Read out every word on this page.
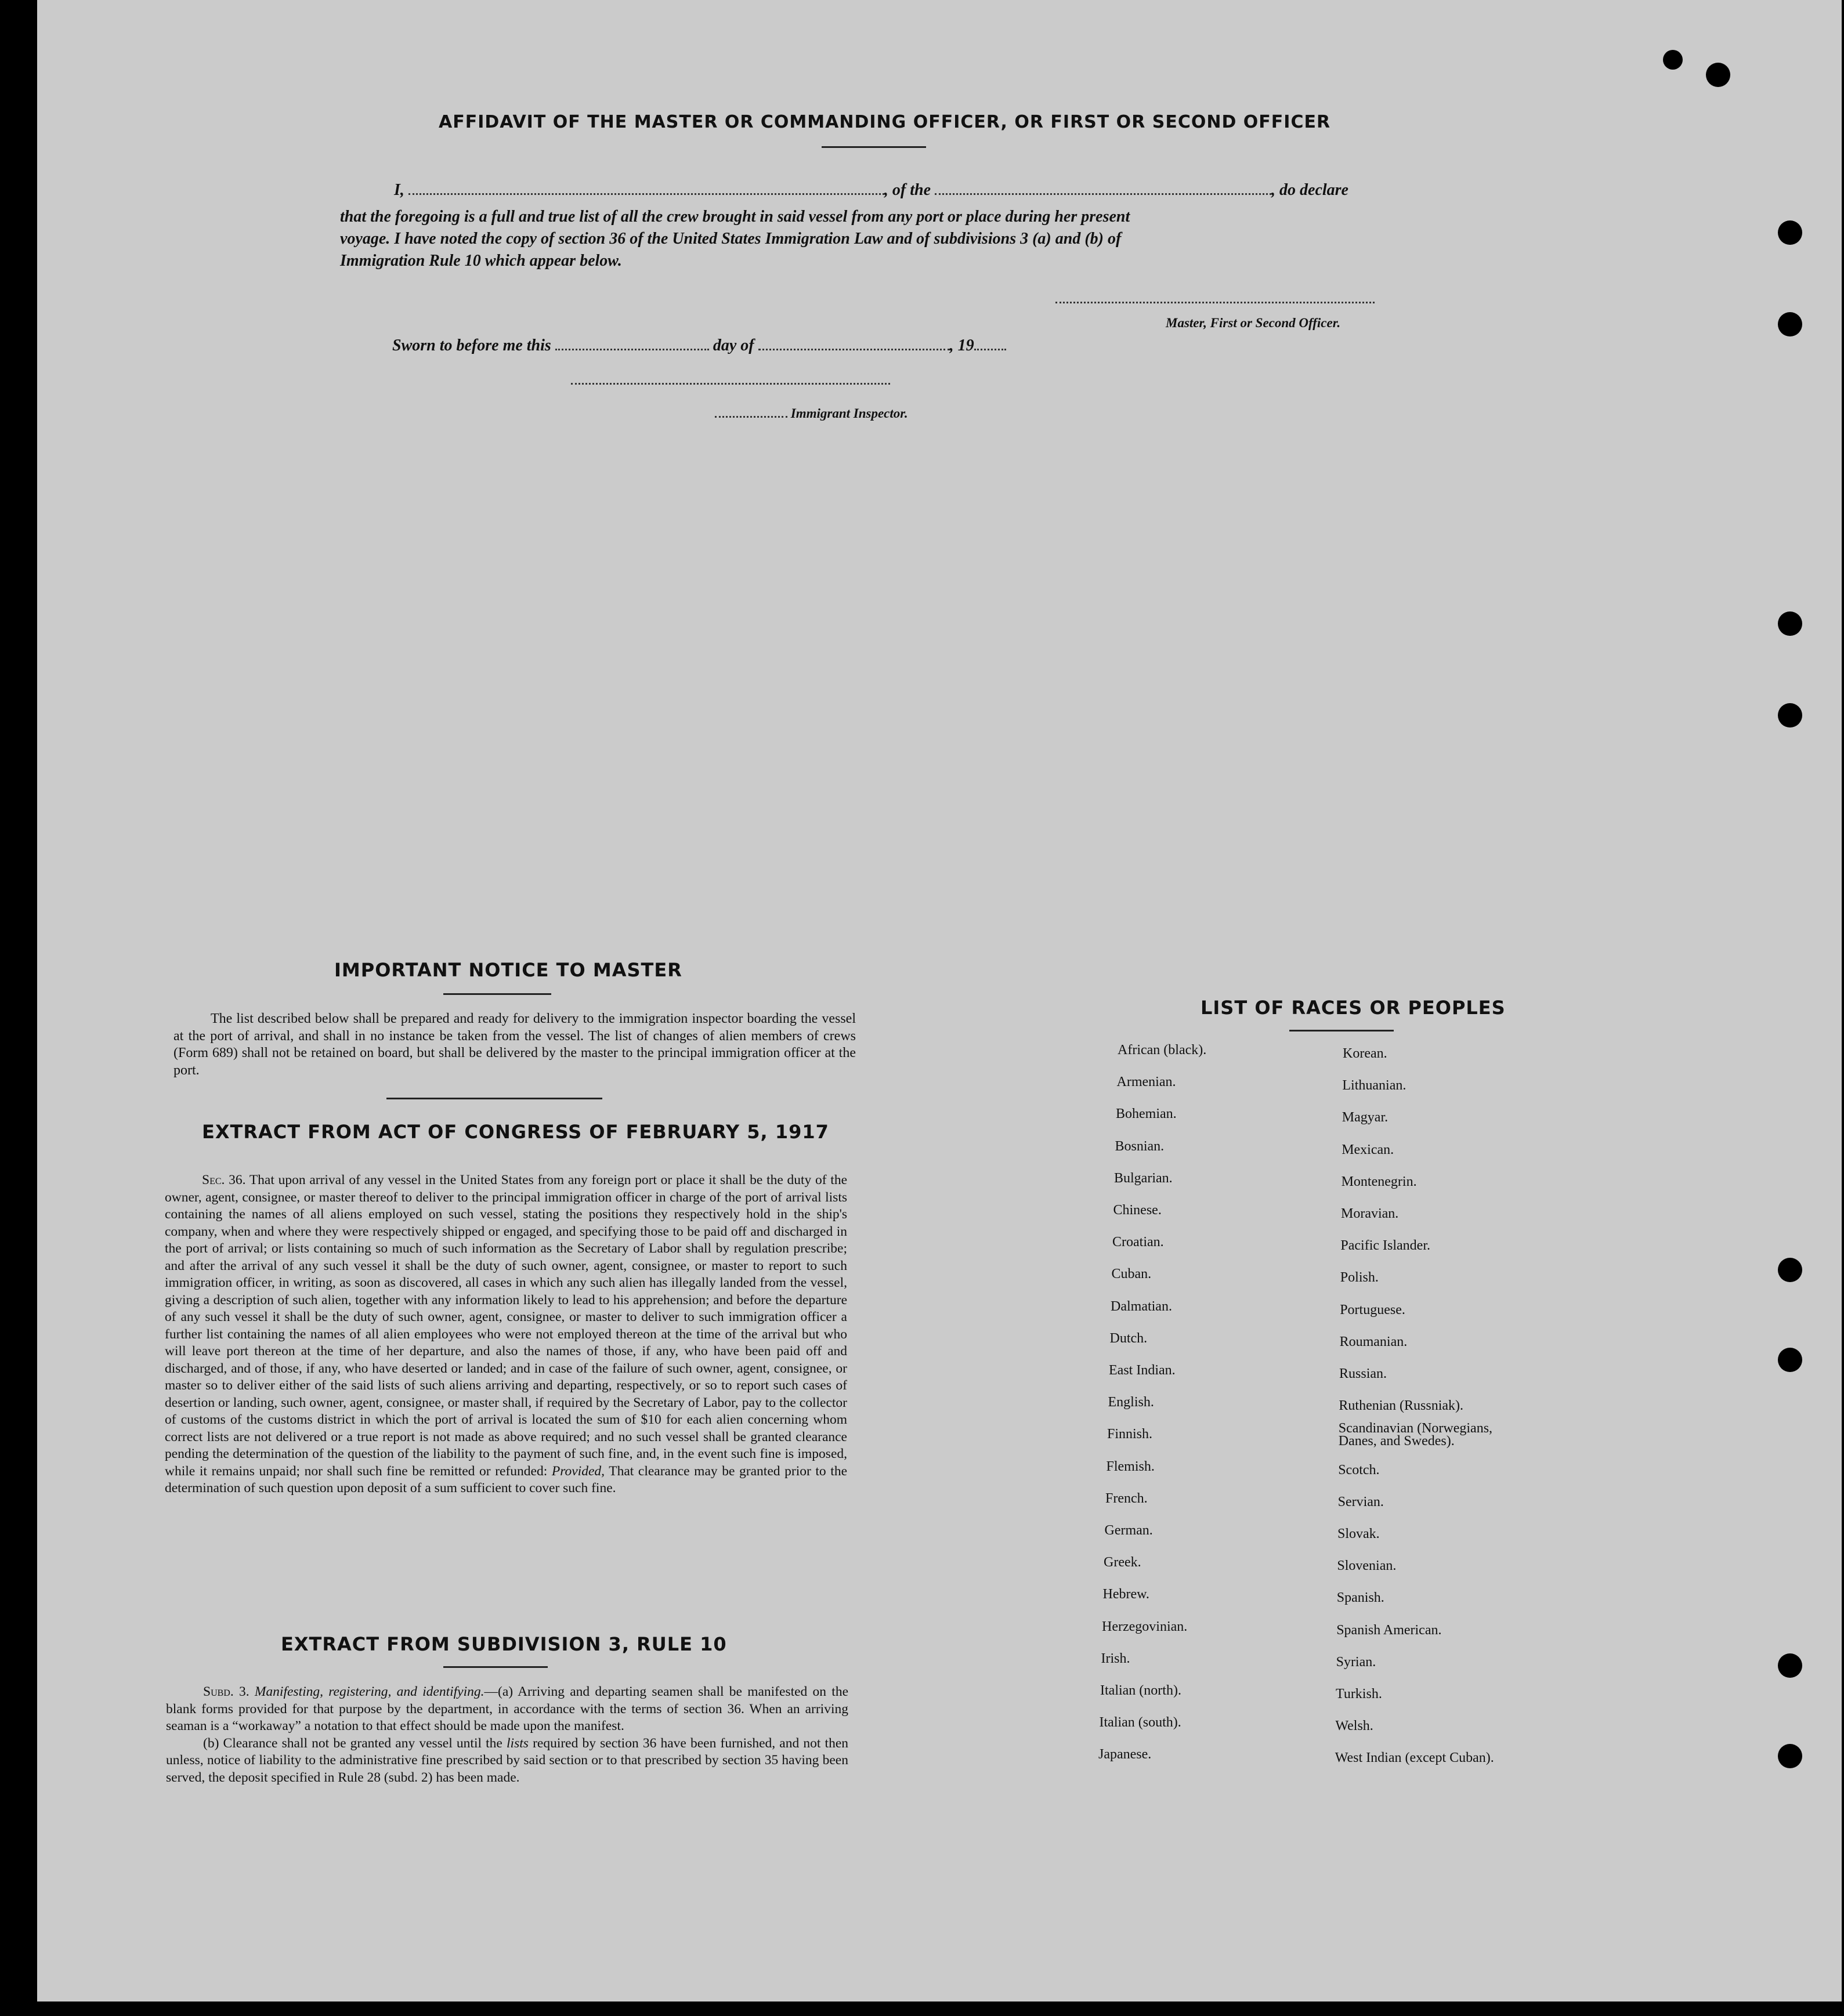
AFFIDAVIT OF THE MASTER OR COMMANDING OFFICER, OR FIRST OR SECOND OFFICER
I,	, of the	, do declare
that the foregoing is a full and true list of all the crew brought in said vessel from any port or place during her present
voyage. I have noted the copy of section 36 of the United States Immigration Law and of subdivisions 3 (a) and (b) of
Immigration Rule 10 which appear below.
Master, First or Second Officer.
Sworn to before me this	day of	, 19
Immigrant Inspector.
IMPORTANT NOTICE TO MASTER

The list described below shall be prepared and ready for delivery to the immigration inspector boarding the vessel at the port of arrival, and shall in no instance be taken from the vessel. The list of changes of alien members of crews (Form 689) shall not be retained on board, but shall be delivered by the master to the principal immigration officer at the port.

EXTRACT FROM ACT OF CONGRESS OF FEBRUARY 5, 1917

Sec. 36. That upon arrival of any vessel in the United States from any foreign port or place it shall be the duty of the owner, agent, consignee, or master thereof to deliver to the principal immigration officer in charge of the port of arrival lists containing the names of all aliens employed on such vessel, stating the positions they respectively hold in the ship's company, when and where they were respectively shipped or engaged, and specifying those to be paid off and discharged in the port of arrival; or lists containing so much of such information as the Secretary of Labor shall by regulation prescribe; and after the arrival of any such vessel it shall be the duty of such owner, agent, consignee, or master to report to such immigration officer, in writing, as soon as discovered, all cases in which any such alien has illegally landed from the vessel, giving a description of such alien, together with any information likely to lead to his apprehension; and before the departure of any such vessel it shall be the duty of such owner, agent, consignee, or master to deliver to such immigration officer a further list containing the names of all alien employees who were not employed thereon at the time of the arrival but who will leave port thereon at the time of her departure, and also the names of those, if any, who have been paid off and discharged, and of those, if any, who have deserted or landed; and in case of the failure of such owner, agent, consignee, or master so to deliver either of the said lists of such aliens arriving and departing, respectively, or so to report such cases of desertion or landing, such owner, agent, consignee, or master shall, if required by the Secretary of Labor, pay to the collector of customs of the customs district in which the port of arrival is located the sum of $10 for each alien concerning whom correct lists are not delivered or a true report is not made as above required; and no such vessel shall be granted clearance pending the determination of the question of the liability to the payment of such fine, and, in the event such fine is imposed, while it remains unpaid; nor shall such fine be remitted or refunded: Provided, That clearance may be granted prior to the determination of such question upon deposit of a sum sufficient to cover such fine.

EXTRACT FROM SUBDIVISION 3, RULE 10

Subd. 3. Manifesting, registering, and identifying.—(a) Arriving and departing seamen shall be manifested on the blank forms provided for that purpose by the department, in accordance with the terms of section 36. When an arriving seaman is a “workaway” a notation to that effect should be made upon the manifest.

(b) Clearance shall not be granted any vessel until the lists required by section 36 have been furnished, and not then unless, notice of liability to the administrative fine prescribed by said section or to that prescribed by section 35 having been served, the deposit specified in Rule 28 (subd. 2) has been made.

LIST OF RACES OR PEOPLES
African (black).
Armenian.
Bohemian.
Bosnian.
Bulgarian.
Chinese.
Croatian.
Cuban.
Dalmatian.
Dutch.
East Indian.
English.
Finnish.
Flemish.
French.
German.
Greek.
Hebrew.
Herzegovinian.
Irish.
Italian (north).
Italian (south).
Japanese.
Korean.
Lithuanian.
Magyar.
Mexican.
Montenegrin.
Moravian.
Pacific Islander.
Polish.
Portuguese.
Roumanian.
Russian.
Ruthenian (Russniak).
Scandinavian (Norwegians, Danes, and Swedes).
Scotch.
Servian.
Slovak.
Slovenian.
Spanish.
Spanish American.
Syrian.
Turkish.
Welsh.
West Indian (except Cuban).
